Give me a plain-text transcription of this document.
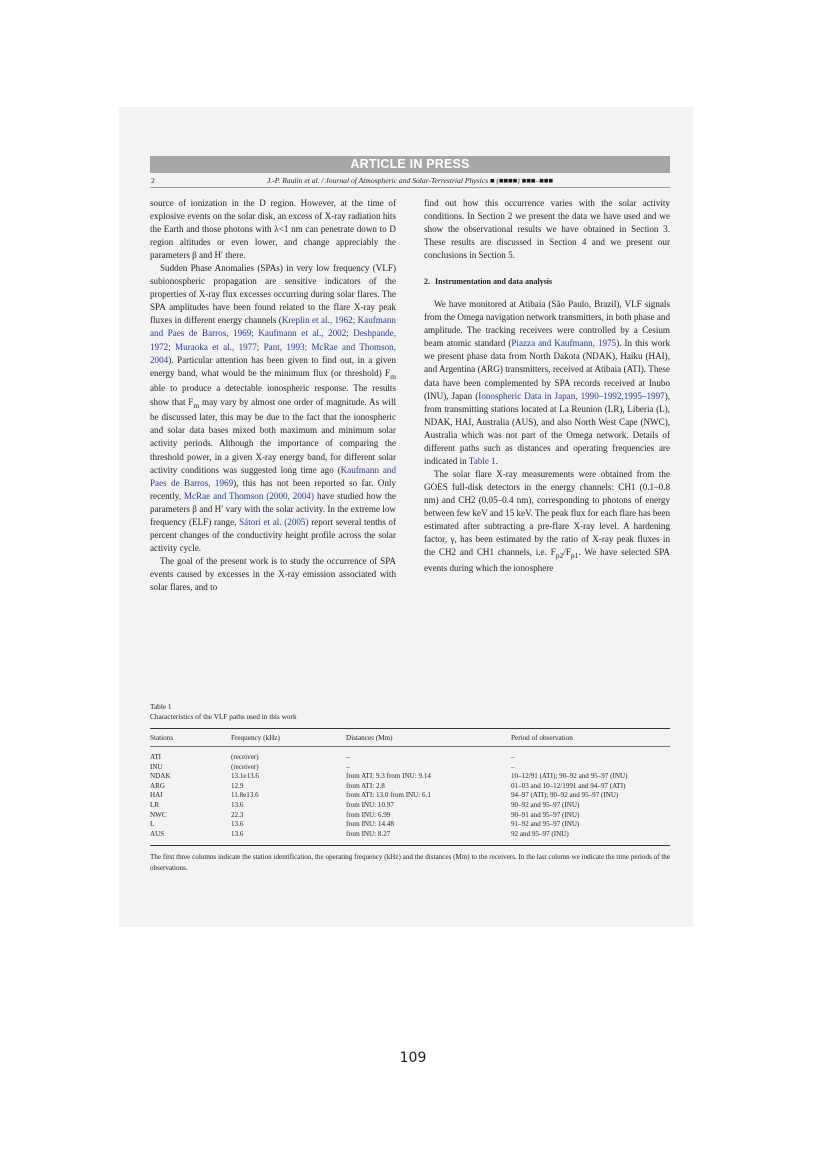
ARTICLE IN PRESS
2	J.-P. Raulin et al. / Journal of Atmospheric and Solar-Terrestrial Physics ■ (■■■■) ■■■–■■■

source of ionization in the D region. However, at the time of explosive events on the solar disk, an excess of X-ray radiation hits the Earth and those photons with λ<1 nm can penetrate down to D region altitudes or even lower, and change appreciably the parameters β and H′ there.

Sudden Phase Anomalies (SPAs) in very low frequency (VLF) subionospheric propagation are sensitive indicators of the properties of X-ray flux excesses occurring during solar flares. The SPA amplitudes have been found related to the flare X-ray peak fluxes in different energy channels (Kreplin et al., 1962; Kaufmann and Paes de Barros, 1969; Kaufmann et al., 2002; Deshpande, 1972; Muraoka et al., 1977; Pant, 1993; McRae and Thomson, 2004). Particular attention has been given to find out, in a given energy band, what would be the minimum flux (or threshold) $F_m$ able to produce a detectable ionospheric response. The results show that $F_m$ may vary by almost one order of magnitude. As will be discussed later, this may be due to the fact that the ionospheric and solar data bases mixed both maximum and minimum solar activity periods. Although the importance of comparing the threshold power, in a given X-ray energy band, for different solar activity conditions was suggested long time ago (Kaufmann and Paes de Barros, 1969), this has not been reported so far. Only recently, McRae and Thomson (2000, 2004) have studied how the parameters β and H′ vary with the solar activity. In the extreme low frequency (ELF) range, Sátori et al. (2005) report several tenths of percent changes of the conductivity height profile across the solar activity cycle.

The goal of the present work is to study the occurrence of SPA events caused by excesses in the X-ray emission associated with solar flares, and to

find out how this occurrence varies with the solar activity conditions. In Section 2 we present the data we have used and we show the observational results we have obtained in Section 3. These results are discussed in Section 4 and we present our conclusions in Section 5.

2. Instrumentation and data analysis

We have monitored at Atibaia (São Paulo, Brazil), VLF signals from the Omega navigation network transmitters, in both phase and amplitude. The tracking receivers were controlled by a Cesium beam atomic standard (Piazza and Kaufmann, 1975). In this work we present phase data from North Dakota (NDAK), Haiku (HAI), and Argentina (ARG) transmitters, received at Atibaia (ATI). These data have been complemented by SPA records received at Inubo (INU), Japan (Ionospheric Data in Japan, 1990–1992,1995–1997), from transmitting stations located at La Reunion (LR), Liberia (L), NDAK, HAI, Australia (AUS), and also North West Cape (NWC), Australia which was not part of the Omega network. Details of different paths such as distances and operating frequencies are indicated in Table 1.

The solar flare X-ray measurements were obtained from the GOES full-disk detectors in the energy channels: CH1 (0.1–0.8 nm) and CH2 (0.05–0.4 nm), corresponding to photons of energy between few keV and 15 keV. The peak flux for each flare has been estimated after subtracting a pre-flare X-ray level. A hardening factor, γ, has been estimated by the ratio of X-ray peak fluxes in the CH2 and CH1 channels, i.e. $F_{p2}/F_{p1}$. We have selected SPA events during which the ionosphere

Table 1
Characteristics of the VLF paths used in this work
Stations	Frequency (kHz)	Distances (Mm)	Period of observation

ATI	(receiver)	–	–
INU	(receiver)	–	–
NDAK	13.1e13.6	from ATI: 9.3 from INU: 9.14	10–12/91 (ATI); 90–92 and 95–97 (INU)
ARG	12.9	from ATI: 2.8	01–03 and 10–12/1991 and 94–97 (ATI)
HAI	11.8e13.6	from ATI: 13.0 from INU: 6.1	94–97 (ATI); 90–92 and 95–97 (INU)
LR	13.6	from INU: 10.97	90–92 and 95–97 (INU)
NWC	22.3	from INU: 6.99	90–91 and 95–97 (INU)
L	13.6	from INU: 14.48	91–92 and 95–97 (INU)
AUS	13.6	from INU: 8.27	92 and 95–97 (INU)
The first three columns indicate the station identification, the operating frequency (kHz) and the distances (Mm) to the receivers. In the last column we indicate the time periods of the observations.
109
